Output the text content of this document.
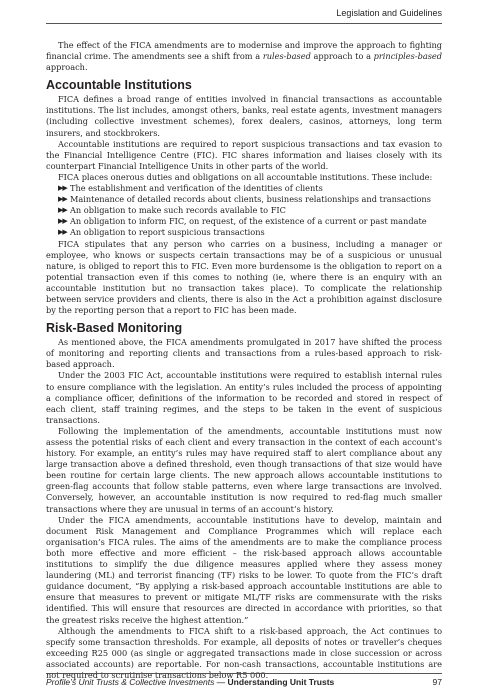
Legislation and Guidelines

The effect of the FICA amendments are to modernise and improve the approach to fighting financial crime. The amendments see a shift from a rules-based approach to a principles-based approach.

Accountable Institutions

FICA defines a broad range of entities involved in financial transactions as accountable institutions. The list includes, amongst others, banks, real estate agents, investment managers (including collective investment schemes), forex dealers, casinos, attorneys, long term insurers, and stockbrokers.

Accountable institutions are required to report suspicious transactions and tax evasion to the Financial Intelligence Centre (FIC). FIC shares information and liaises closely with its counterpart Financial Intelligence Units in other parts of the world.

FICA places onerous duties and obligations on all accountable institutions. These include:

▶▶ The establishment and verification of the identities of clients
▶▶ Maintenance of detailed records about clients, business relationships and transactions
▶▶ An obligation to make such records available to FIC
▶▶ An obligation to inform FIC, on request, of the existence of a current or past mandate
▶▶ An obligation to report suspicious transactions

FICA stipulates that any person who carries on a business, including a manager or employee, who knows or suspects certain transactions may be of a suspicious or unusual nature, is obliged to report this to FIC. Even more burdensome is the obligation to report on a potential transaction even if this comes to nothing (ie, where there is an enquiry with an accountable institution but no transaction takes place). To complicate the relationship between service providers and clients, there is also in the Act a prohibition against disclosure by the reporting person that a report to FIC has been made.

Risk-Based Monitoring

As mentioned above, the FICA amendments promulgated in 2017 have shifted the process of monitoring and reporting clients and transactions from a rules-based approach to risk-based approach.

Under the 2003 FIC Act, accountable institutions were required to establish internal rules to ensure compliance with the legislation. An entity’s rules included the process of appointing a compliance officer, definitions of the information to be recorded and stored in respect of each client, staff training regimes, and the steps to be taken in the event of suspicious transactions.

Following the implementation of the amendments, accountable institutions must now assess the potential risks of each client and every transaction in the context of each account’s history. For example, an entity’s rules may have required staff to alert compliance about any large transaction above a defined threshold, even though transactions of that size would have been routine for certain large clients. The new approach allows accountable institutions to green-flag accounts that follow stable patterns, even where large transactions are involved. Conversely, however, an accountable institution is now required to red-flag much smaller transactions where they are unusual in terms of an account’s history.

Under the FICA amendments, accountable institutions have to develop, maintain and document Risk Management and Compliance Programmes which will replace each organisation’s FICA rules. The aims of the amendments are to make the compliance process both more effective and more efficient – the risk-based approach allows accountable institutions to simplify the due diligence measures applied where they assess money laundering (ML) and terrorist financing (TF) risks to be lower. To quote from the FIC’s draft guidance document, “By applying a risk-based approach accountable institutions are able to ensure that measures to prevent or mitigate ML/TF risks are commensurate with the risks identified. This will ensure that resources are directed in accordance with priorities, so that the greatest risks receive the highest attention.”

Although the amendments to FICA shift to a risk-based approach, the Act continues to specify some transaction thresholds. For example, all deposits of notes or traveller’s cheques exceeding R25 000 (as single or aggregated transactions made in close succession or across associated accounts) are reportable. For non-cash transactions, accountable institutions are not required to scrutinise transactions below R5 000.

Profile’s Unit Trusts & Collective Investments — Understanding Unit Trusts	97
